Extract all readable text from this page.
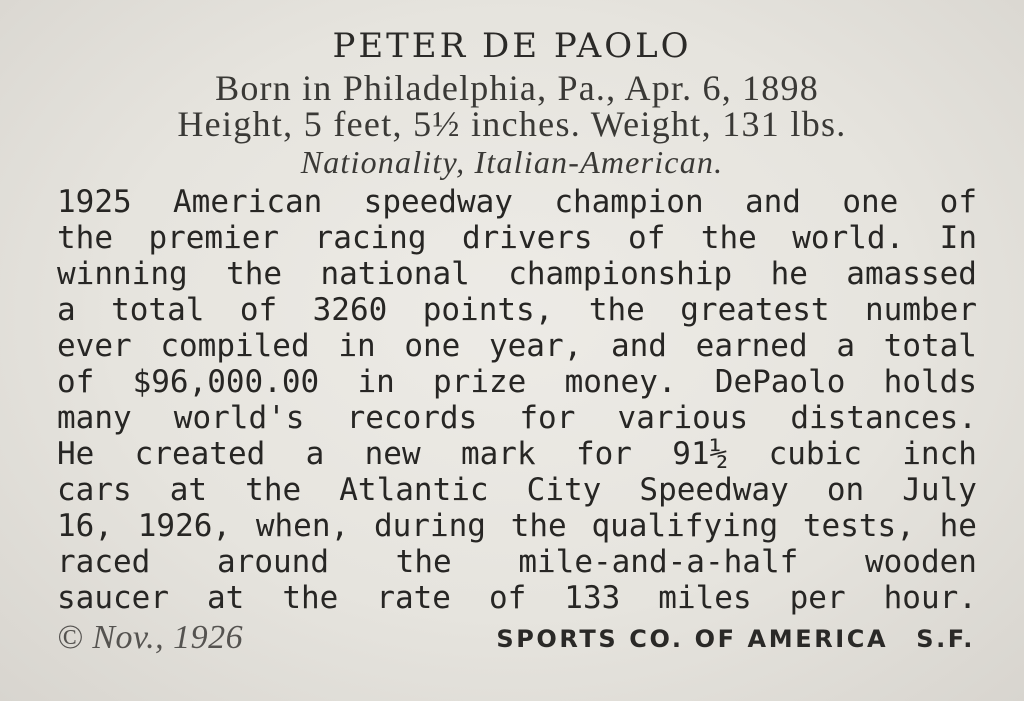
PETER DE PAOLO
Born in Philadelphia, Pa., Apr. 6, 1898
Height, 5 feet, 5½ inches. Weight, 131 lbs.
Nationality, Italian-American.
1925 American speedway champion and one of
the premier racing drivers of the world. In
winning the national championship he amassed
a total of 3260 points, the greatest number
ever compiled in one year, and earned a total
of $96,000.00 in prize money. DePaolo holds
many world's records for various distances.
He created a new mark for 91½ cubic inch
cars at the Atlantic City Speedway on July
16, 1926, when, during the qualifying tests, he
raced around the mile-and-a-half wooden
saucer at the rate of 133 miles per hour.
© Nov., 1926	SPORTS CO. OF AMERICA S.F.
